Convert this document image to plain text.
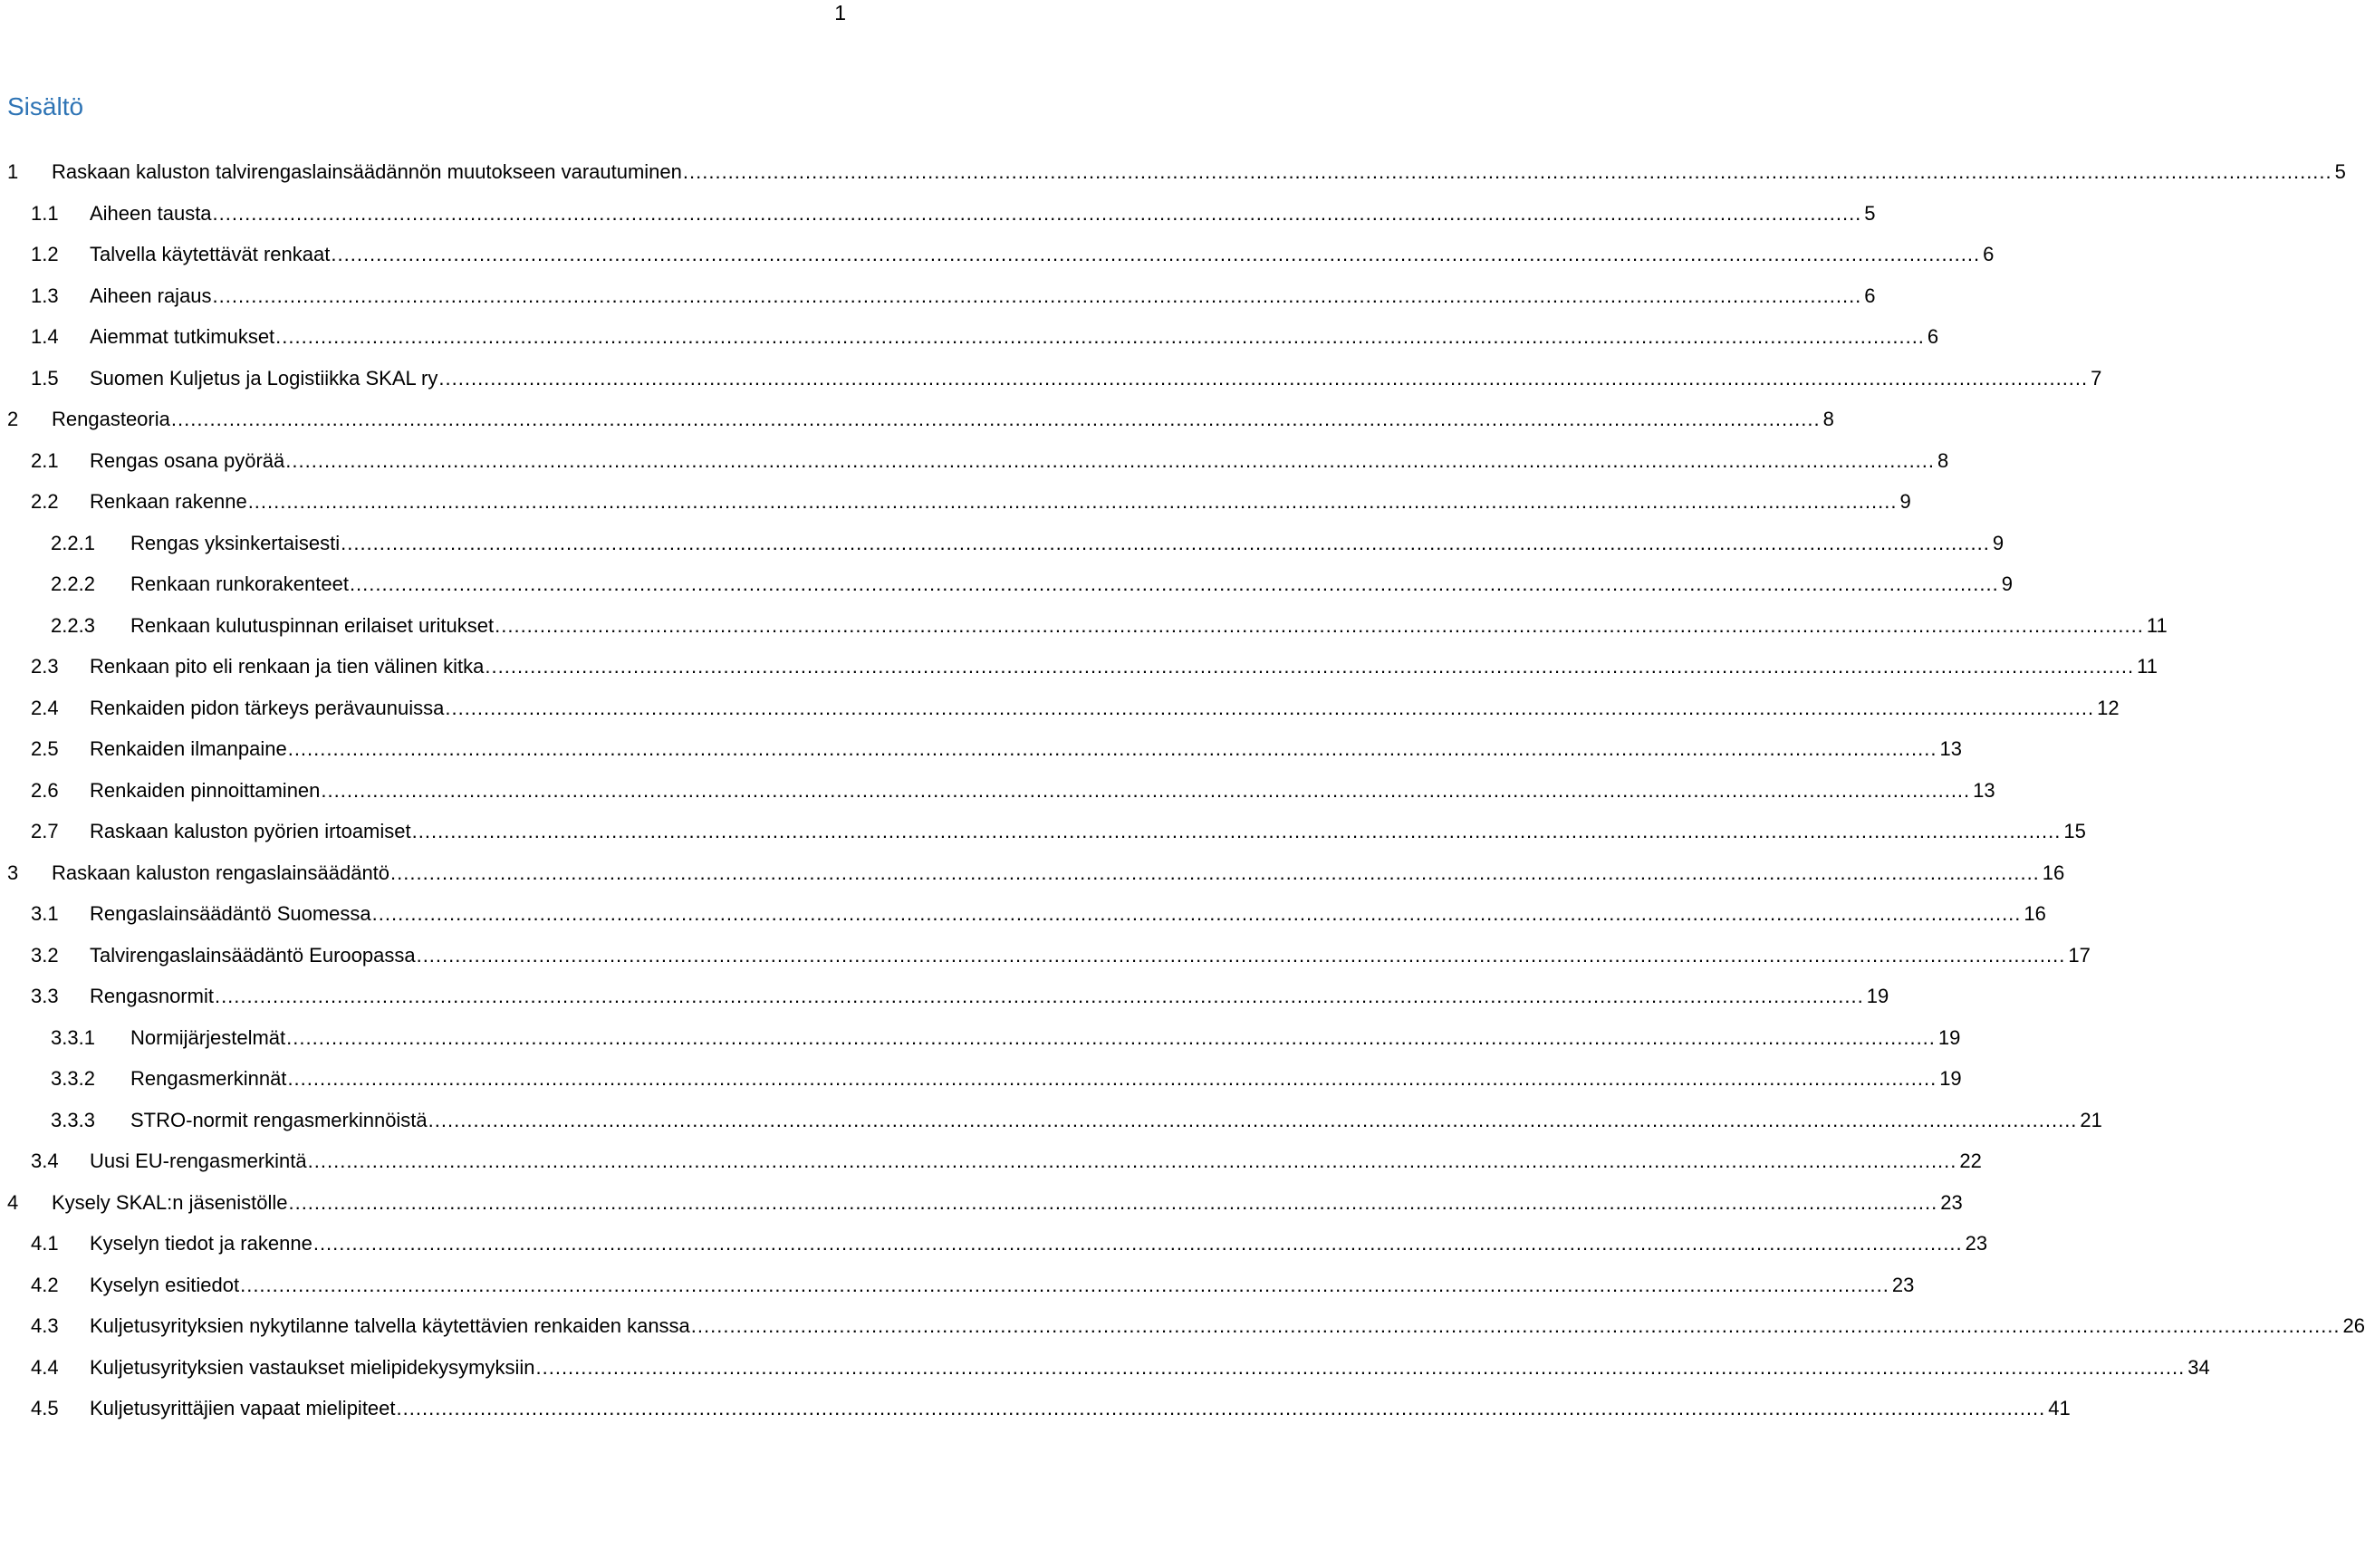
1
Sisältö
1 Raskaan kaluston talvirengaslainsäädännön muutokseen varautuminen ................................................................................................................................................................................................................................................................ 5
1.1 Aiheen tausta ................................................................................................................................................................................................................................................................ 5
1.2 Talvella käytettävät renkaat ................................................................................................................................................................................................................................................................ 6
1.3 Aiheen rajaus ................................................................................................................................................................................................................................................................ 6
1.4 Aiemmat tutkimukset ................................................................................................................................................................................................................................................................ 6
1.5 Suomen Kuljetus ja Logistiikka SKAL ry ................................................................................................................................................................................................................................................................ 7
2 Rengasteoria ................................................................................................................................................................................................................................................................ 8
2.1 Rengas osana pyörää ................................................................................................................................................................................................................................................................ 8
2.2 Renkaan rakenne ................................................................................................................................................................................................................................................................ 9
2.2.1 Rengas yksinkertaisesti ................................................................................................................................................................................................................................................................ 9
2.2.2 Renkaan runkorakenteet ................................................................................................................................................................................................................................................................ 9
2.2.3 Renkaan kulutuspinnan erilaiset uritukset ................................................................................................................................................................................................................................................................ 11
2.3 Renkaan pito eli renkaan ja tien välinen kitka ................................................................................................................................................................................................................................................................ 11
2.4 Renkaiden pidon tärkeys perävaunuissa ................................................................................................................................................................................................................................................................ 12
2.5 Renkaiden ilmanpaine ................................................................................................................................................................................................................................................................ 13
2.6 Renkaiden pinnoittaminen ................................................................................................................................................................................................................................................................ 13
2.7 Raskaan kaluston pyörien irtoamiset ................................................................................................................................................................................................................................................................ 15
3 Raskaan kaluston rengaslainsäädäntö ................................................................................................................................................................................................................................................................ 16
3.1 Rengaslainsäädäntö Suomessa ................................................................................................................................................................................................................................................................ 16
3.2 Talvirengaslainsäädäntö Euroopassa ................................................................................................................................................................................................................................................................ 17
3.3 Rengasnormit ................................................................................................................................................................................................................................................................ 19
3.3.1 Normijärjestelmät ................................................................................................................................................................................................................................................................ 19
3.3.2 Rengasmerkinnät ................................................................................................................................................................................................................................................................ 19
3.3.3 STRO-normit rengasmerkinnöistä ................................................................................................................................................................................................................................................................ 21
3.4 Uusi EU-rengasmerkintä ................................................................................................................................................................................................................................................................ 22
4 Kysely SKAL:n jäsenistölle ................................................................................................................................................................................................................................................................ 23
4.1 Kyselyn tiedot ja rakenne ................................................................................................................................................................................................................................................................ 23
4.2 Kyselyn esitiedot ................................................................................................................................................................................................................................................................ 23
4.3 Kuljetusyrityksien nykytilanne talvella käytettävien renkaiden kanssa ................................................................................................................................................................................................................................................................ 26
4.4 Kuljetusyrityksien vastaukset mielipidekysymyksiin ................................................................................................................................................................................................................................................................ 34
4.5 Kuljetusyrittäjien vapaat mielipiteet ................................................................................................................................................................................................................................................................ 41
